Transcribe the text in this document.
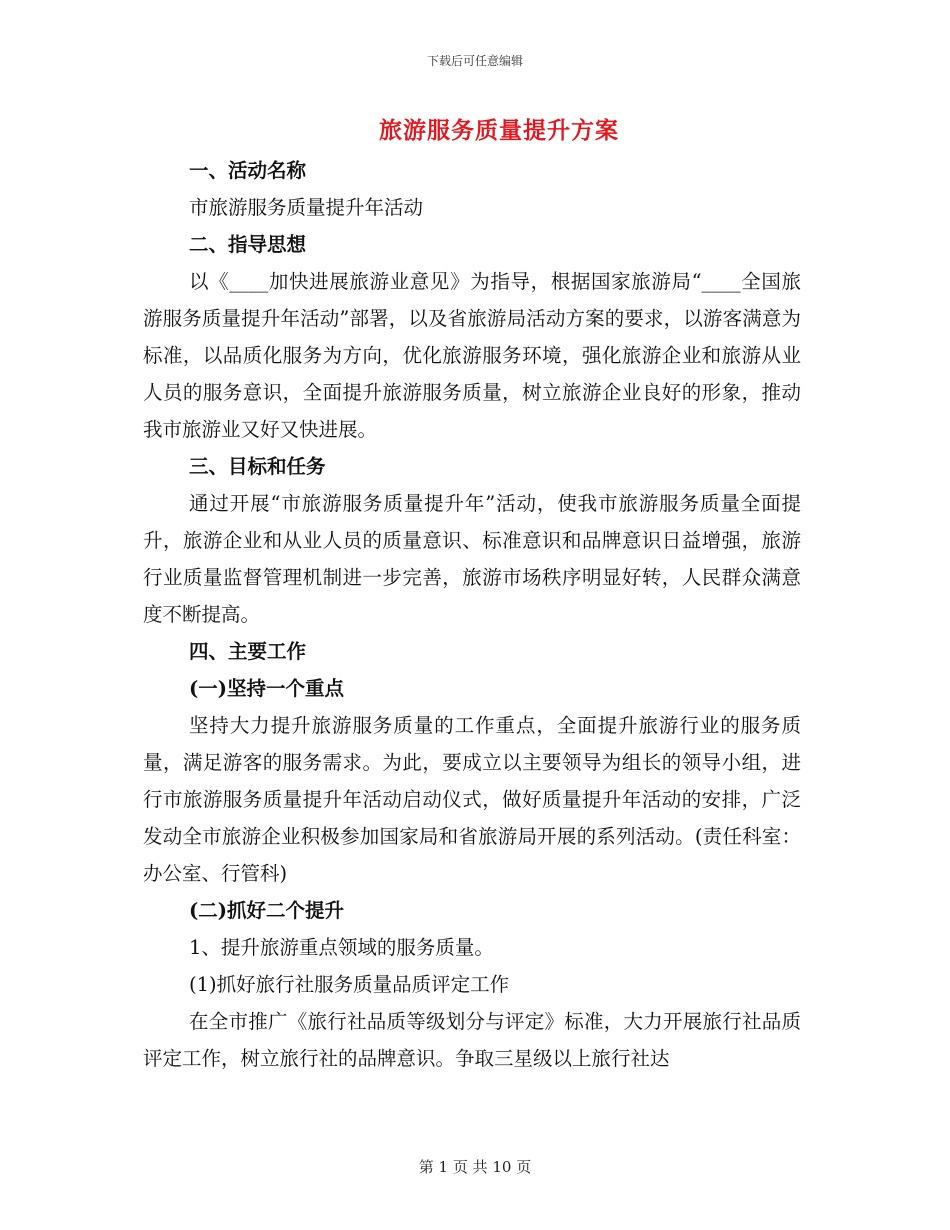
下载后可任意编辑
旅游服务质量提升方案

一、活动名称

市旅游服务质量提升年活动

二、指导思想

以《____加快进展旅游业意见》为指导，根据国家旅游局“____全国旅游服务质量提升年活动”部署，以及省旅游局活动方案的要求，以游客满意为标准，以品质化服务为方向，优化旅游服务环境，强化旅游企业和旅游从业人员的服务意识，全面提升旅游服务质量，树立旅游企业良好的形象，推动我市旅游业又好又快进展。

三、目标和任务

通过开展“市旅游服务质量提升年”活动，使我市旅游服务质量全面提升，旅游企业和从业人员的质量意识、标准意识和品牌意识日益增强，旅游行业质量监督管理机制进一步完善，旅游市场秩序明显好转，人民群众满意度不断提高。

四、主要工作

(一)坚持一个重点

坚持大力提升旅游服务质量的工作重点，全面提升旅游行业的服务质量，满足游客的服务需求。为此，要成立以主要领导为组长的领导小组，进行市旅游服务质量提升年活动启动仪式，做好质量提升年活动的安排，广泛发动全市旅游企业积极参加国家局和省旅游局开展的系列活动。(责任科室：办公室、行管科)

(二)抓好二个提升

1、提升旅游重点领域的服务质量。

(1)抓好旅行社服务质量品质评定工作

在全市推广《旅行社品质等级划分与评定》标准，大力开展旅行社品质评定工作，树立旅行社的品牌意识。争取三星级以上旅行社达

第 1 页 共 10 页
